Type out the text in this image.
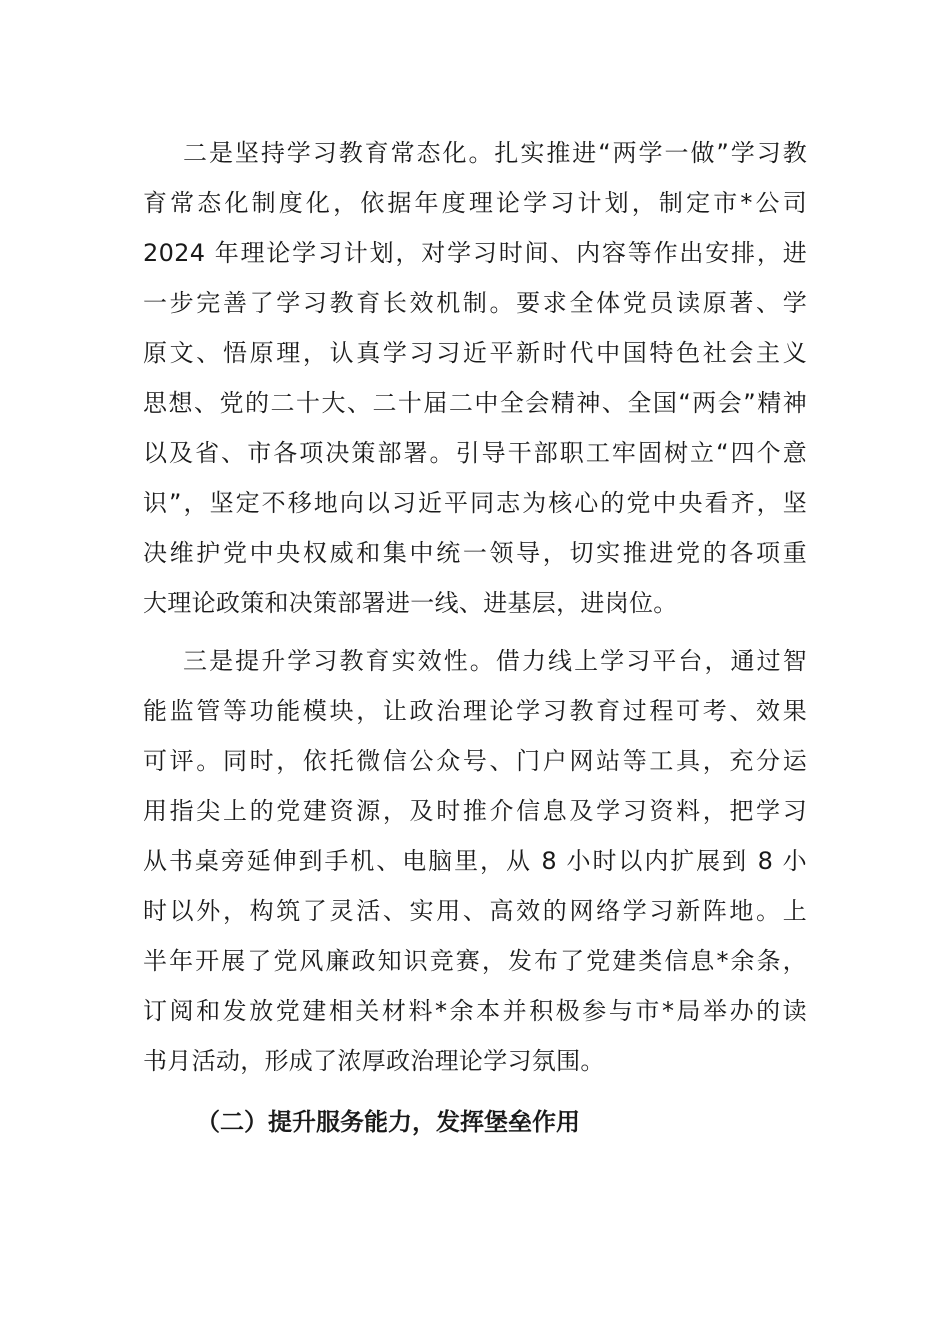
二是坚持学习教育常态化。扎实推进“两学一做”学习教
育常态化制度化，依据年度理论学习计划，制定市*公司
2024 年理论学习计划，对学习时间、内容等作出安排，进
一步完善了学习教育长效机制。要求全体党员读原著、学
原文、悟原理，认真学习习近平新时代中国特色社会主义
思想、党的二十大、二十届二中全会精神、全国“两会”精神
以及省、市各项决策部署。引导干部职工牢固树立“四个意
识”，坚定不移地向以习近平同志为核心的党中央看齐，坚
决维护党中央权威和集中统一领导，切实推进党的各项重
大理论政策和决策部署进一线、进基层，进岗位。
三是提升学习教育实效性。借力线上学习平台，通过智
能监管等功能模块，让政治理论学习教育过程可考、效果
可评。同时，依托微信公众号、门户网站等工具，充分运
用指尖上的党建资源，及时推介信息及学习资料，把学习
从书桌旁延伸到手机、电脑里，从 8 小时以内扩展到 8 小
时以外，构筑了灵活、实用、高效的网络学习新阵地。上
半年开展了党风廉政知识竞赛，发布了党建类信息*余条，
订阅和发放党建相关材料*余本并积极参与市*局举办的读
书月活动，形成了浓厚政治理论学习氛围。

（二）提升服务能力，发挥堡垒作用
